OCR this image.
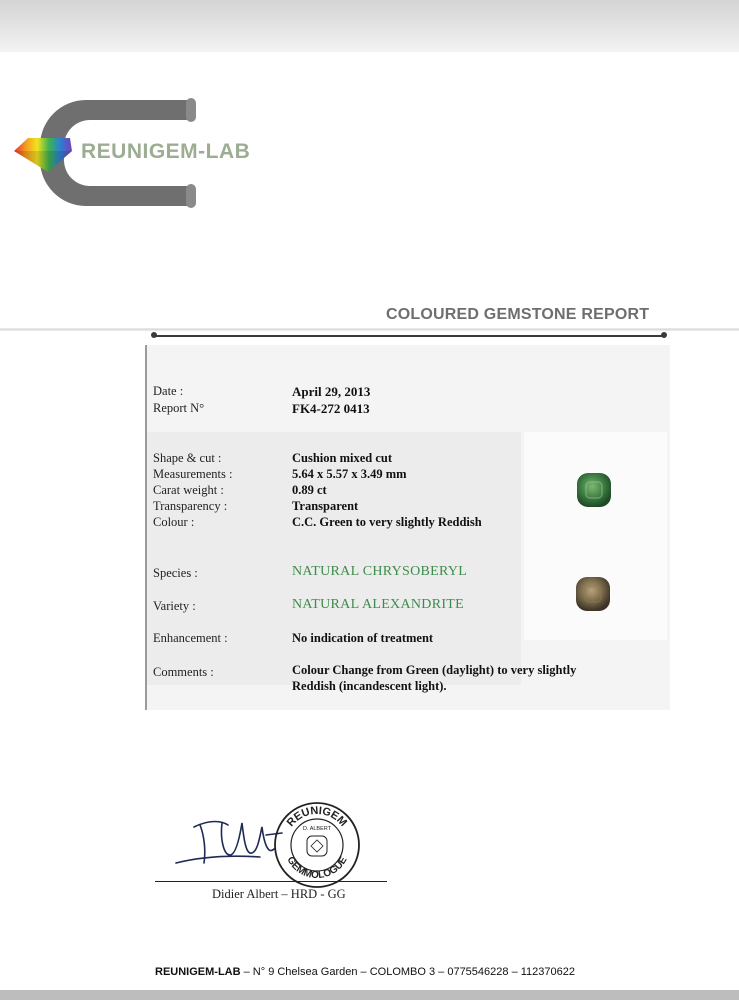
REUNIGEM-LAB
COLOURED GEMSTONE REPORT
Date :	April 29, 2013
Report N°	FK4-272 0413
Shape & cut :	Cushion mixed cut
Measurements :	5.64 x 5.57 x 3.49 mm
Carat weight :	0.89 ct
Transparency :	Transparent
Colour :	C.C. Green to very slightly Reddish
Species :	NATURAL CHRYSOBERYL
Variety :	NATURAL ALEXANDRITE
Enhancement :	No indication of treatment
Comments :	Colour Change from Green (daylight) to very slightly
Reddish (incandescent light).
REUNIGEM
GEMMOLOGUE
D. ALBERT
Didier Albert – HRD - GG
REUNIGEM-LAB – N° 9 Chelsea Garden – COLOMBO 3 – 0775546228 – 112370622
